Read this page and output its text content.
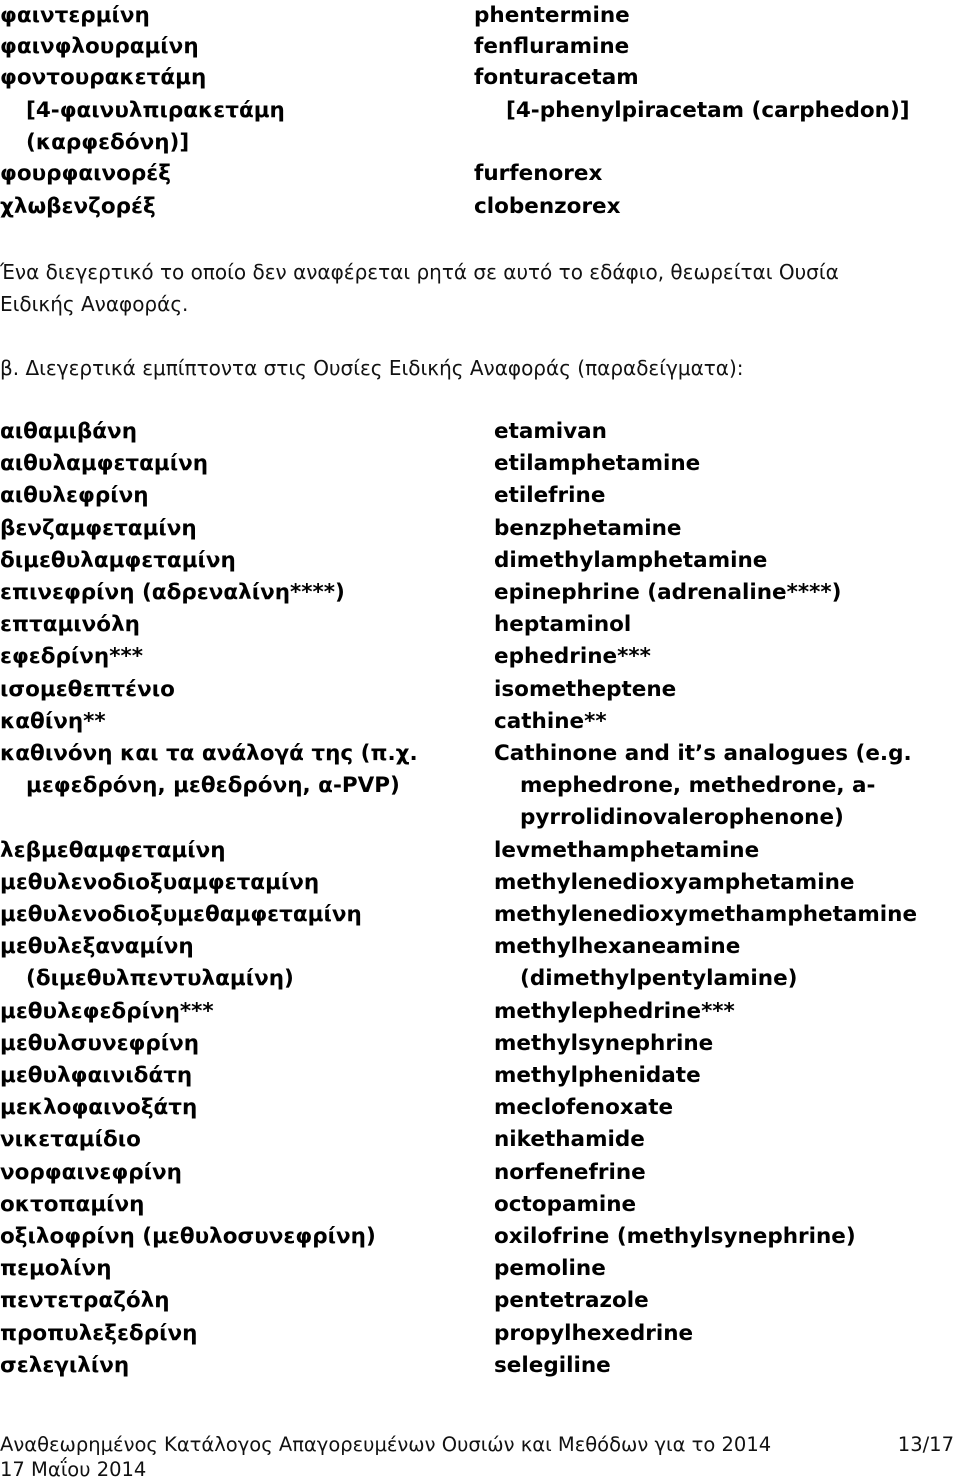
φαιντερμίνη	phentermine
φαινφλουραμίνη	fenfluramine
φοντουρακετάμη	fonturacetam
[4-φαινυλπιρακετάμη	[4-phenylpiracetam (carphedon)]
(καρφεδόνη)]
φουρφαινορέξ	furfenorex
χλωβενζορέξ	clobenzorex
Ένα διεγερτικό το οποίο δεν αναφέρεται ρητά σε αυτό το εδάφιο, θεωρείται Ουσία
Ειδικής Αναφοράς.
β. Διεγερτικά εμπίπτοντα στις Ουσίες Ειδικής Αναφοράς (παραδείγματα):
αιθαμιβάνη	etamivan
αιθυλαμφεταμίνη	etilamphetamine
αιθυλεφρίνη	etilefrine
βενζαμφεταμίνη	benzphetamine
διμεθυλαμφεταμίνη	dimethylamphetamine
επινεφρίνη (αδρεναλίνη****)	epinephrine (adrenaline****)
επταμινόλη	heptaminol
εφεδρίνη***	ephedrine***
ισομεθεπτένιο	isometheptene
καθίνη**	cathine**
καθινόνη και τα ανάλογά της (π.χ.	Cathinone and it’s analogues (e.g.
μεφεδρόνη, μεθεδρόνη, α-PVP)	mephedrone, methedrone, a-
pyrrolidinovalerophenone)
λεβμεθαμφεταμίνη	levmethamphetamine
μεθυλενοδιοξυαμφεταμίνη	methylenedioxyamphetamine
μεθυλενοδιοξυμεθαμφεταμίνη	methylenedioxymethamphetamine
μεθυλεξαναμίνη	methylhexaneamine
(διμεθυλπεντυλαμίνη)	(dimethylpentylamine)
μεθυλεφεδρίνη***	methylephedrine***
μεθυλσυνεφρίνη	methylsynephrine
μεθυλφαινιδάτη	methylphenidate
μεκλοφαινοξάτη	meclofenoxate
νικεταμίδιο	nikethamide
νορφαινεφρίνη	norfenefrine
οκτοπαμίνη	octopamine
οξιλοφρίνη (μεθυλοσυνεφρίνη)	oxilofrine (methylsynephrine)
πεμολίνη	pemoline
πεντετραζόλη	pentetrazole
προπυλεξεδρίνη	propylhexedrine
σελεγιλίνη	selegiline
Αναθεωρημένος Κατάλογος Απαγορευμένων Ουσιών και Μεθόδων για το 2014	13/17
17 Μαΐου 2014
